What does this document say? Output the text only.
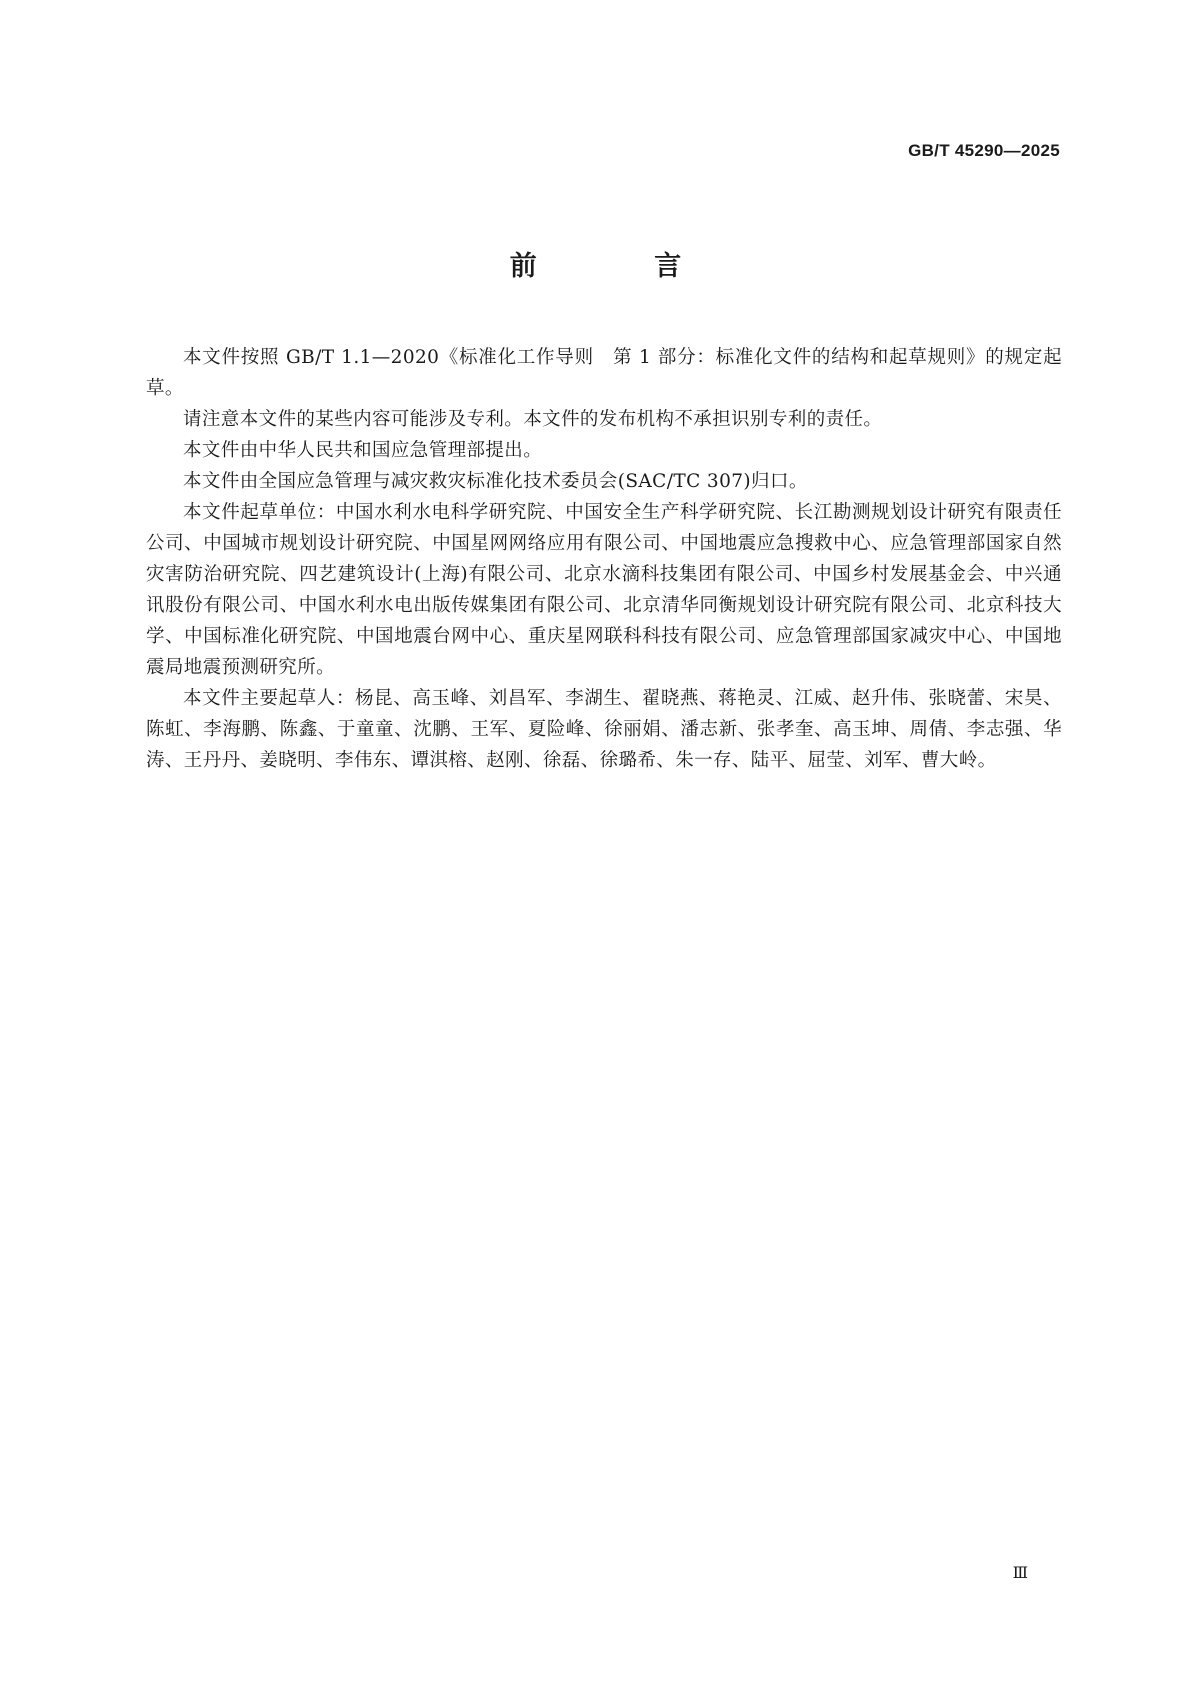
GB/T 45290—2025
前 言

本文件按照 GB/T 1.1—2020《标准化工作导则　第 1 部分：标准化文件的结构和起草规则》的规定起草。

请注意本文件的某些内容可能涉及专利。本文件的发布机构不承担识别专利的责任。

本文件由中华人民共和国应急管理部提出。

本文件由全国应急管理与减灾救灾标准化技术委员会(SAC/TC 307)归口。

本文件起草单位：中国水利水电科学研究院、中国安全生产科学研究院、长江勘测规划设计研究有限责任公司、中国城市规划设计研究院、中国星网网络应用有限公司、中国地震应急搜救中心、应急管理部国家自然灾害防治研究院、四艺建筑设计(上海)有限公司、北京水滴科技集团有限公司、中国乡村发展基金会、中兴通讯股份有限公司、中国水利水电出版传媒集团有限公司、北京清华同衡规划设计研究院有限公司、北京科技大学、中国标准化研究院、中国地震台网中心、重庆星网联科科技有限公司、应急管理部国家减灾中心、中国地震局地震预测研究所。

本文件主要起草人：杨昆、高玉峰、刘昌军、李湖生、翟晓燕、蒋艳灵、江威、赵升伟、张晓蕾、宋昊、陈虹、李海鹏、陈鑫、于童童、沈鹏、王军、夏险峰、徐丽娟、潘志新、张孝奎、高玉坤、周倩、李志强、华涛、王丹丹、姜晓明、李伟东、谭淇榕、赵刚、徐磊、徐璐希、朱一存、陆平、屈莹、刘军、曹大岭。

Ⅲ
